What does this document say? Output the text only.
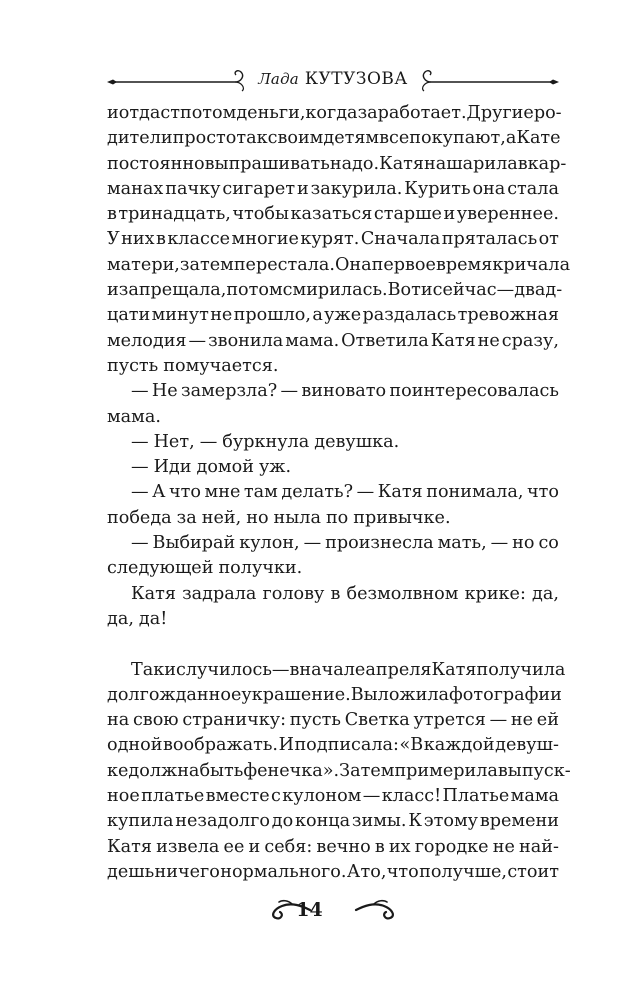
Лада КУТУЗОВА
и отдаст потом деньги, когда заработает. Другие ро-
дители просто так своим детям все покупают, а Кате
постоянно выпрашивать надо. Катя нашарила в кар-
манах пачку сигарет и закурила. Курить она стала
в тринадцать, чтобы казаться старше и увереннее.
У них в классе многие курят. Сначала пряталась от
матери, затем перестала. Она первое время кричала
и запрещала, потом смирилась. Вот и сейчас — двад-
цати минут не прошло, а уже раздалась тревожная
мелодия — звонила мама. Ответила Катя не сразу,
пусть помучается.
— Не замерзла? — виновато поинтересовалась
мама.
— Нет, — буркнула девушка.
— Иди домой уж.
— А что мне там делать? — Катя понимала, что
победа за ней, но ныла по привычке.
— Выбирай кулон, — произнесла мать, — но со
следующей получки.
Катя задрала голову в безмолвном крике: да,
да, да!
Так и случилось — в начале апреля Катя получила
долгожданное украшение. Выложила фотографии
на свою страничку: пусть Светка утрется — не ей
одной воображать. И подписала: «В каждой девуш-
ке должна быть фенечка». Затем примерила выпуск-
ное платье вместе с кулоном — класс! Платье мама
купила незадолго до конца зимы. К этому времени
Катя извела ее и себя: вечно в их городке не най-
дешь ничего нормального. А то, что получше, стоит
14
